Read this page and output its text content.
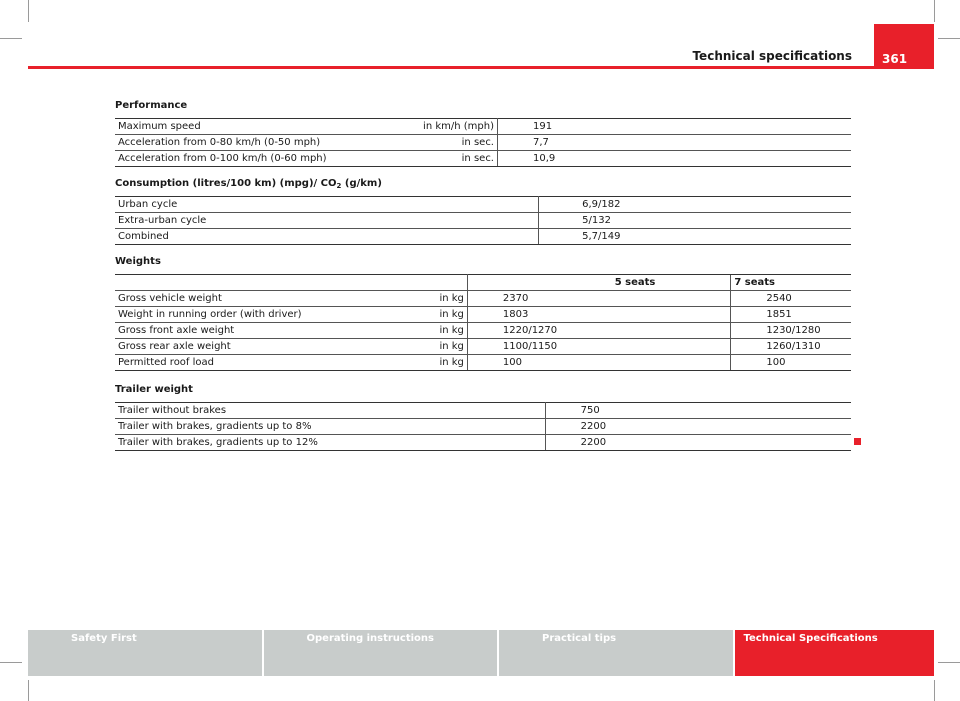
Technical specifications	361
Performance
Maximum speed	in km/h (mph)	191
Acceleration from 0-80 km/h (0-50 mph)	in sec.	7,7
Acceleration from 0-100 km/h (0-60 mph)	in sec.	10,9
Consumption (litres/100 km) (mpg)/ $CO_2$ (g/km)
Urban cycle	6,9/182
Extra-urban cycle	5/132
Combined	5,7/149
Weights
		5 seats	7 seats
Gross vehicle weight	in kg	2370	2540
Weight in running order (with driver)	in kg	1803	1851
Gross front axle weight	in kg	1220/1270	1230/1280
Gross rear axle weight	in kg	1100/1150	1260/1310
Permitted roof load	in kg	100	100
Trailer weight
Trailer without brakes	750
Trailer with brakes, gradients up to 8%	2200
Trailer with brakes, gradients up to 12%	2200
Safety First	Operating instructions	Practical tips	Technical Specifications
